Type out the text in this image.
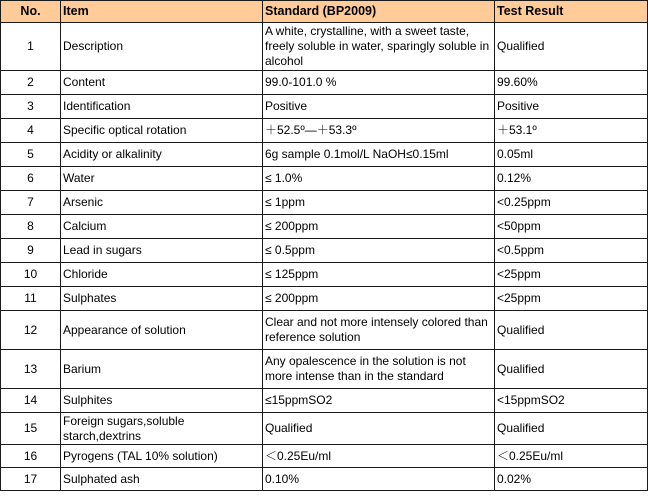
No.	Item	Standard (BP2009)	Test Result
1	Description	A white, crystalline, with a sweet taste, freely soluble in water, sparingly soluble in alcohol	Qualified
2	Content	99.0-101.0 %	99.60%
3	Identification	Positive	Positive
4	Specific optical rotation	＋52.5º—＋53.3º	＋53.1º
5	Acidity or alkalinity	6g sample 0.1mol/L NaOH≤0.15ml	0.05ml
6	Water	≤ 1.0%	0.12%
7	Arsenic	≤ 1ppm	<0.25ppm
8	Calcium	≤ 200ppm	<50ppm
9	Lead in sugars	≤ 0.5ppm	<0.5ppm
10	Chloride	≤ 125ppm	<25ppm
11	Sulphates	≤ 200ppm	<25ppm
12	Appearance of solution	Clear and not more intensely colored than reference solution	Qualified
13	Barium	Any opalescence in the solution is not more intense than in the standard	Qualified
14	Sulphites	≤15ppmSO2	<15ppmSO2
15	Foreign sugars,soluble starch,dextrins	Qualified	Qualified
16	Pyrogens (TAL 10% solution)	＜0.25Eu/ml	＜0.25Eu/ml
17	Sulphated ash	0.10%	0.02%
